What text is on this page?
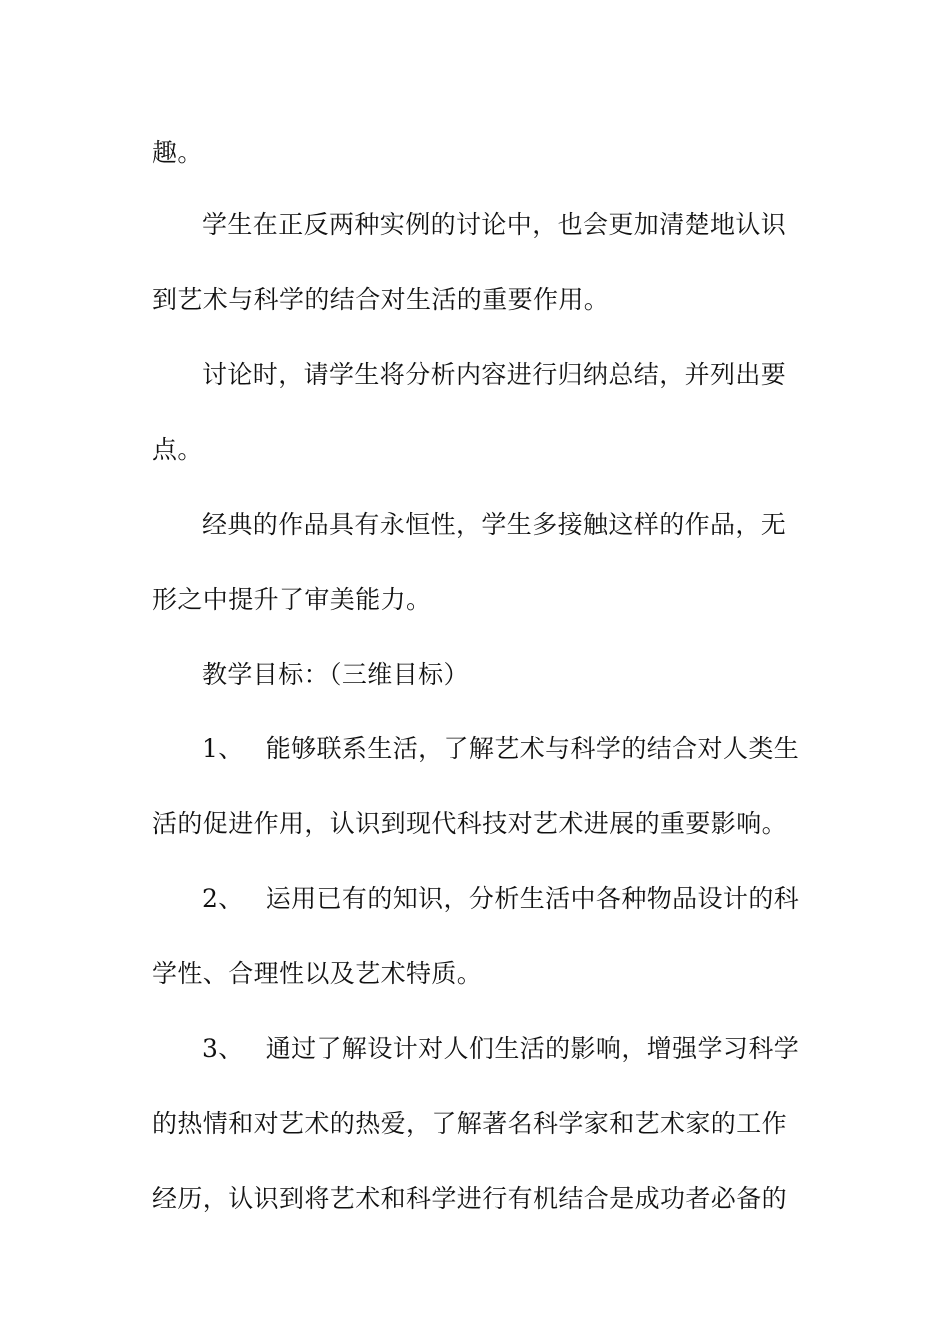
趣。
学生在正反两种实例的讨论中，也会更加清楚地认识
到艺术与科学的结合对生活的重要作用。
讨论时，请学生将分析内容进行归纳总结，并列出要
点。
经典的作品具有永恒性，学生多接触这样的作品，无
形之中提升了审美能力。
教学目标：（三维目标）
1、 能够联系生活，了解艺术与科学的结合对人类生
活的促进作用，认识到现代科技对艺术进展的重要影响。
2、 运用已有的知识，分析生活中各种物品设计的科
学性、合理性以及艺术特质。
3、 通过了解设计对人们生活的影响，增强学习科学
的热情和对艺术的热爱，了解著名科学家和艺术家的工作
经历，认识到将艺术和科学进行有机结合是成功者必备的
